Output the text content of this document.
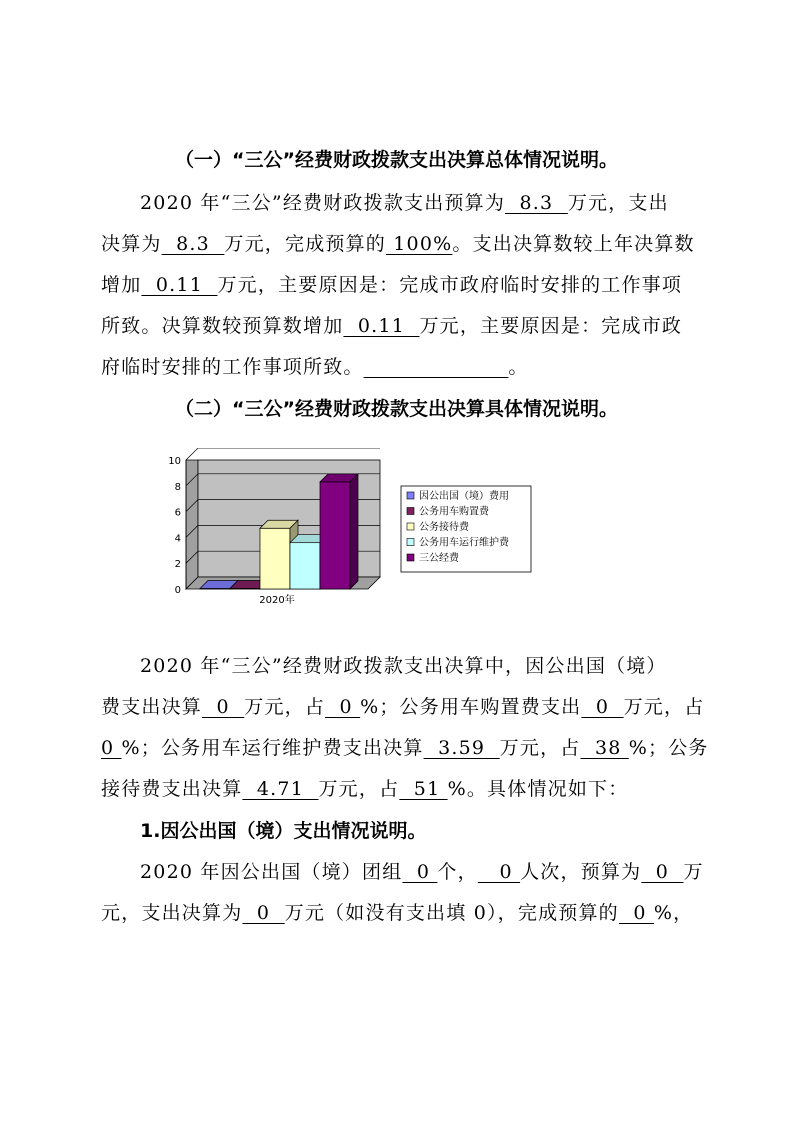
（一）“三公”经费财政拨款支出决算总体情况说明。
2020 年“三公”经费财政拨款支出预算为  8.3  万元，支出
决算为  8.3  万元，完成预算的 100%。支出决算数较上年决算数
增加  0.11  万元，主要原因是：完成市政府临时安排的工作事项
所致。决算数较预算数增加  0.11  万元，主要原因是：完成市政
府临时安排的工作事项所致。	。
（二）“三公”经费财政拨款支出决算具体情况说明。
0
2
4
6
8
10
2020年
因公出国（境）费用
公务用车购置费
公务接待费
公务用车运行维护费
三公经费
2020 年“三公”经费财政拨款支出决算中，因公出国（境）
费支出决算  0  万元，占  0 %；公务用车购置费支出  0  万元，占
0 %；公务用车运行维护费支出决算  3.59  万元，占  38 %；公务
接待费支出决算  4.71  万元，占  51 %。具体情况如下：
1.因公出国（境）支出情况说明。
2020 年因公出国（境）团组  0 个，   0 人次，预算为  0  万
元，支出决算为  0  万元（如没有支出填 0），完成预算的  0 %，
